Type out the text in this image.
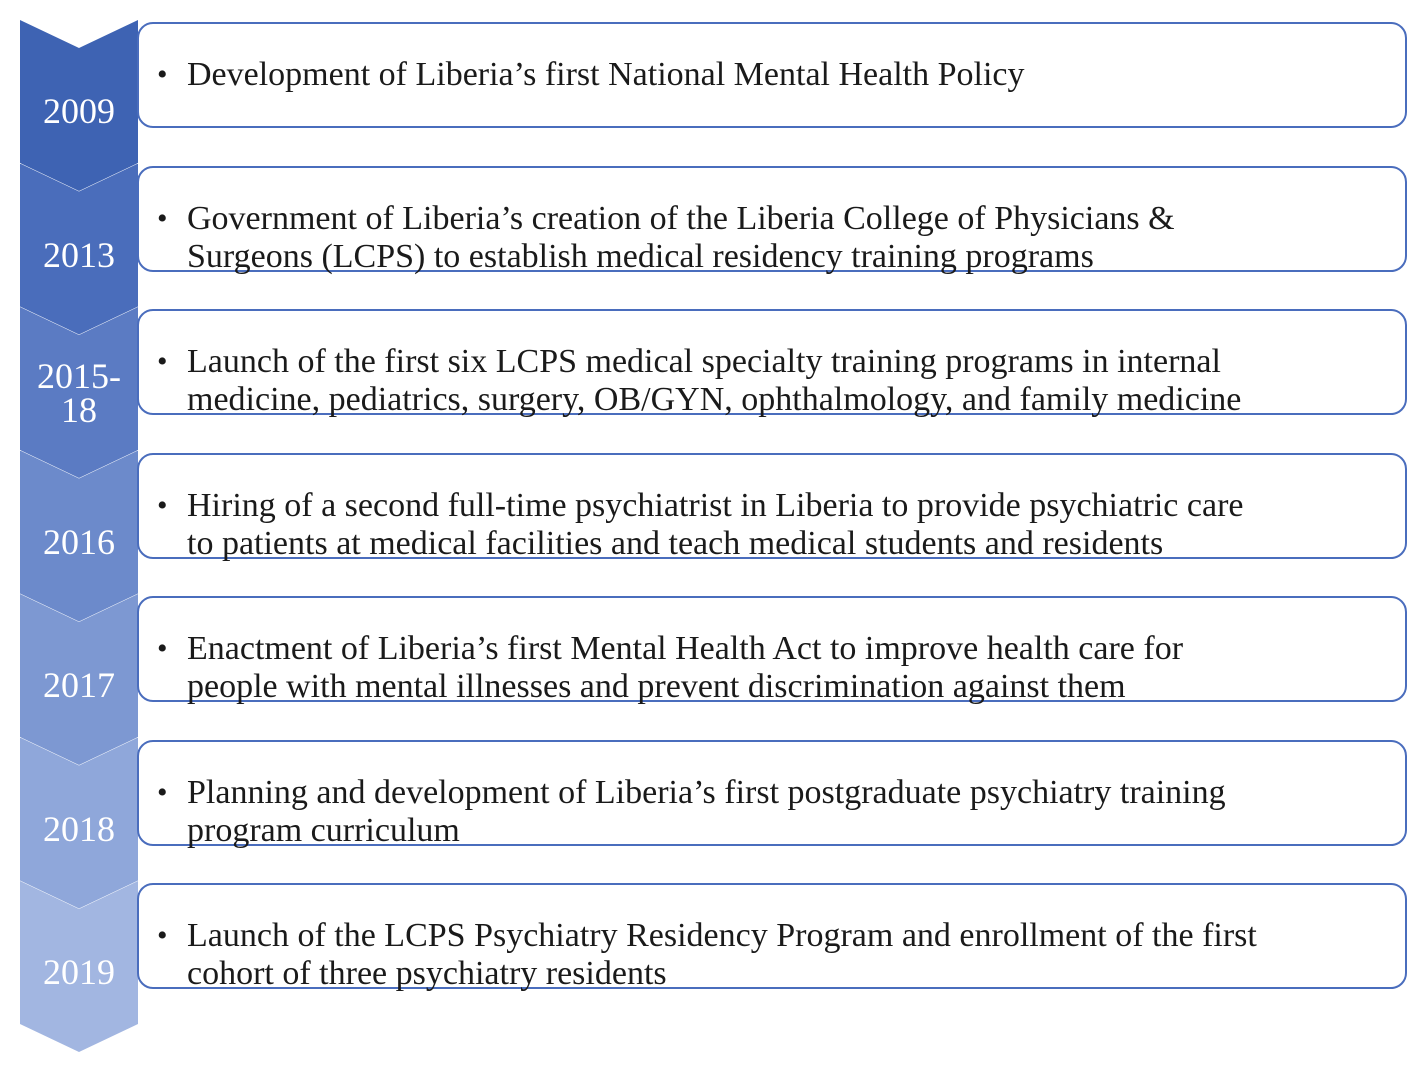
• Development of Liberia’s first National Mental Health Policy
2009
• Government of Liberia’s creation of the Liberia College of Physicians &
Surgeons (LCPS) to establish medical residency training programs
2013
• Launch of the first six LCPS medical specialty training programs in internal
medicine, pediatrics, surgery, OB/GYN, ophthalmology, and family medicine
2015-
18
• Hiring of a second full-time psychiatrist in Liberia to provide psychiatric care
to patients at medical facilities and teach medical students and residents
2016
• Enactment of Liberia’s first Mental Health Act to improve health care for
people with mental illnesses and prevent discrimination against them
2017
• Planning and development of Liberia’s first postgraduate psychiatry training
program curriculum
2018
• Launch of the LCPS Psychiatry Residency Program and enrollment of the first
cohort of three psychiatry residents
2019
